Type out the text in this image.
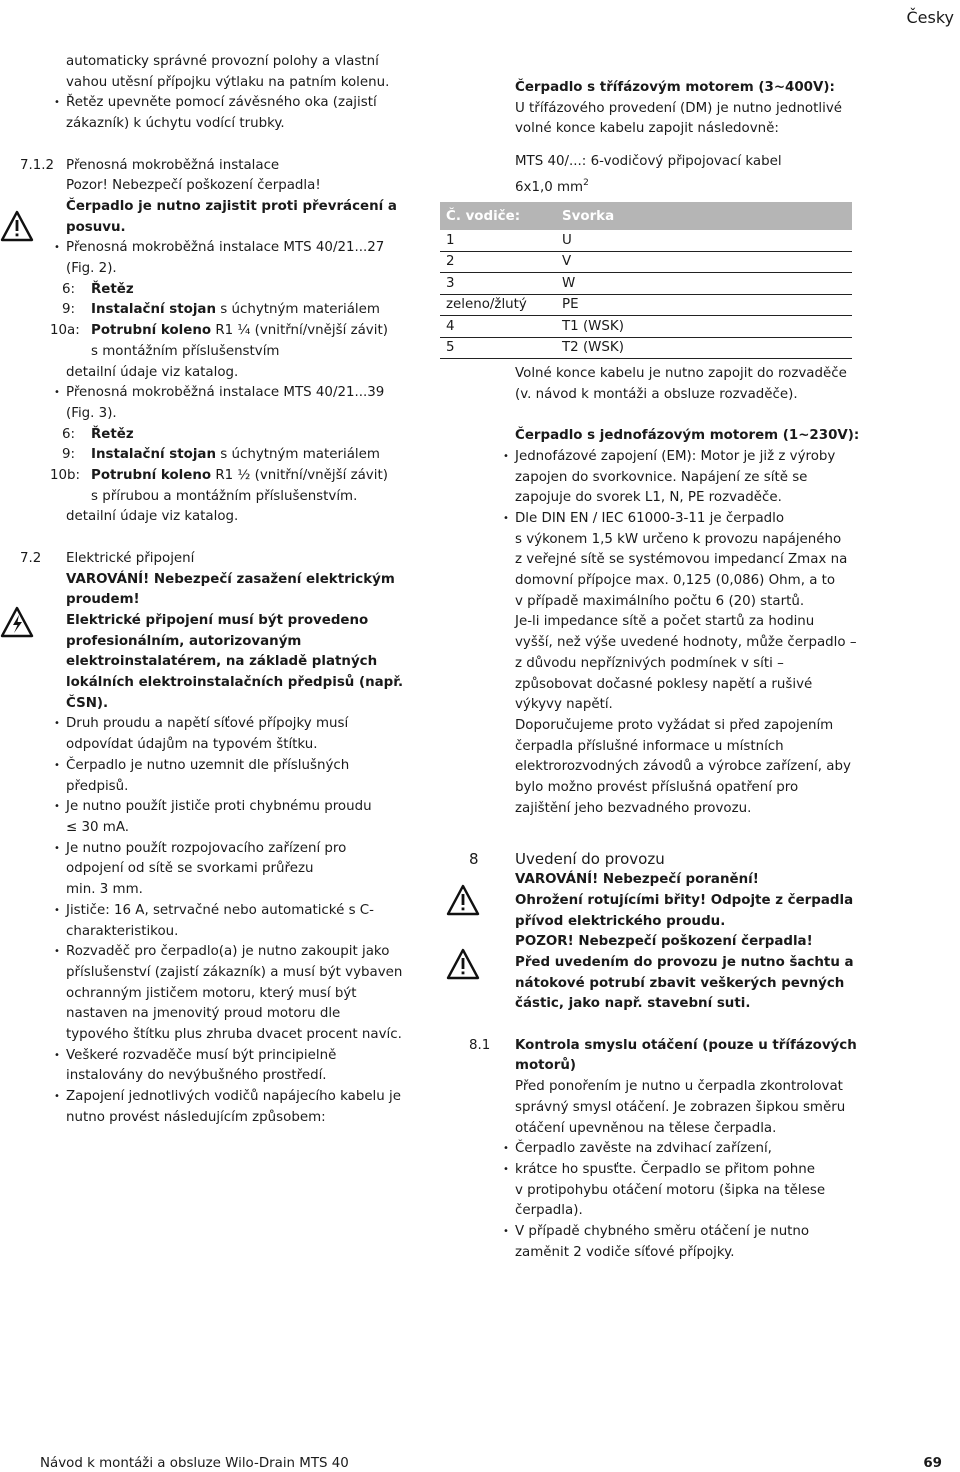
Česky
automaticky správné provozní polohy a vlastní
vahou utěsní přípojku výtlaku na patním kolenu.
• Řetěz upevněte pomocí závěsného oka (zajistí
zákazník) k úchytu vodící trubky.
7.1.2 Přenosná mokroběžná instalace
Pozor! Nebezpečí poškození čerpadla!
Čerpadlo je nutno zajistit proti převrácení a
posuvu.
• Přenosná mokroběžná instalace MTS 40/21...27
(Fig. 2).
6:	Řetěz
9:	Instalační stojan s úchytným materiálem
10a: Potrubní koleno R1 ¼ (vnitřní/vnější závit)
s montážním příslušenstvím
detailní údaje viz katalog.
• Přenosná mokroběžná instalace MTS 40/21...39
(Fig. 3).
6:	Řetěz
9:	Instalační stojan s úchytným materiálem
10b: Potrubní koleno R1 ½ (vnitřní/vnější závit)
s přírubou a montážním příslušenstvím.
detailní údaje viz katalog.
7.2 Elektrické připojení
VAROVÁNÍ! Nebezpečí zasažení elektrickým
proudem!
Elektrické připojení musí být provedeno
profesionálním, autorizovaným
elektroinstalatérem, na základě platných
lokálních elektroinstalačních předpisů (např.
ČSN).
• Druh proudu a napětí síťové přípojky musí
odpovídat údajům na typovém štítku.
• Čerpadlo je nutno uzemnit dle příslušných
předpisů.
• Je nutno použít jističe proti chybnému proudu
≤ 30 mA.
• Je nutno použít rozpojovacího zařízení pro
odpojení od sítě se svorkami průřezu
min. 3 mm.
• Jističe: 16 A, setrvačné nebo automatické s C-
charakteristikou.
• Rozvaděč pro čerpadlo(a) je nutno zakoupit jako
příslušenství (zajistí zákazník) a musí být vybaven
ochranným jističem motoru, který musí být
nastaven na jmenovitý proud motoru dle
typového štítku plus zhruba dvacet procent navíc.
• Veškeré rozvaděče musí být principielně
instalovány do nevýbušného prostředí.
• Zapojení jednotlivých vodičů napájecího kabelu je
nutno provést následujícím způsobem:
Čerpadlo s třífázovým motorem (3~400V):
U třífázového provedení (DM) je nutno jednotlivé
volné konce kabelu zapojit následovně:
MTS 40/...: 6-vodičový připojovací kabel
6x1,0 $mm^2$
Č. vodiče:	Svorka
1	U
2	V
3	W
zeleno/žlutý	PE
4	T1 (WSK)
5	T2 (WSK)
Volné konce kabelu je nutno zapojit do rozvaděče
(v. návod k montáži a obsluze rozvaděče).
Čerpadlo s jednofázovým motorem (1~230V):
• Jednofázové zapojení (EM): Motor je již z výroby
zapojen do svorkovnice. Napájení ze sítě se
zapojuje do svorek L1, N, PE rozvaděče.
• Dle DIN EN / IEC 61000-3-11 je čerpadlo
s výkonem 1,5 kW určeno k provozu napájeného
z veřejné sítě se systémovou impedancí Zmax na
domovní přípojce max. 0,125 (0,086) Ohm, a to
v případě maximálního počtu 6 (20) startů.
Je-li impedance sítě a počet startů za hodinu
vyšší, než výše uvedené hodnoty, může čerpadlo –
z důvodu nepříznivých podmínek v síti –
způsobovat dočasné poklesy napětí a rušivé
výkyvy napětí.
Doporučujeme proto vyžádat si před zapojením
čerpadla příslušné informace u místních
elektrorozvodných závodů a výrobce zařízení, aby
bylo možno provést příslušná opatření pro
zajištění jeho bezvadného provozu.
8 Uvedení do provozu
VAROVÁNÍ! Nebezpečí poranění!
Ohrožení rotujícími břity! Odpojte z čerpadla
přívod elektrického proudu.
POZOR! Nebezpečí poškození čerpadla!
Před uvedením do provozu je nutno šachtu a
nátokové potrubí zbavit veškerých pevných
částic, jako např. stavební suti.
8.1 Kontrola smyslu otáčení (pouze u třífázových
motorů)
Před ponořením je nutno u čerpadla zkontrolovat
správný smysl otáčení. Je zobrazen šipkou směru
otáčení upevněnou na tělese čerpadla.
• Čerpadlo zavěste na zdvihací zařízení,
• krátce ho spusťte. Čerpadlo se přitom pohne
v protipohybu otáčení motoru (šipka na tělese
čerpadla).
• V případě chybného směru otáčení je nutno
zaměnit 2 vodiče síťové přípojky.
Návod k montáži a obsluze Wilo-Drain MTS 40	69
